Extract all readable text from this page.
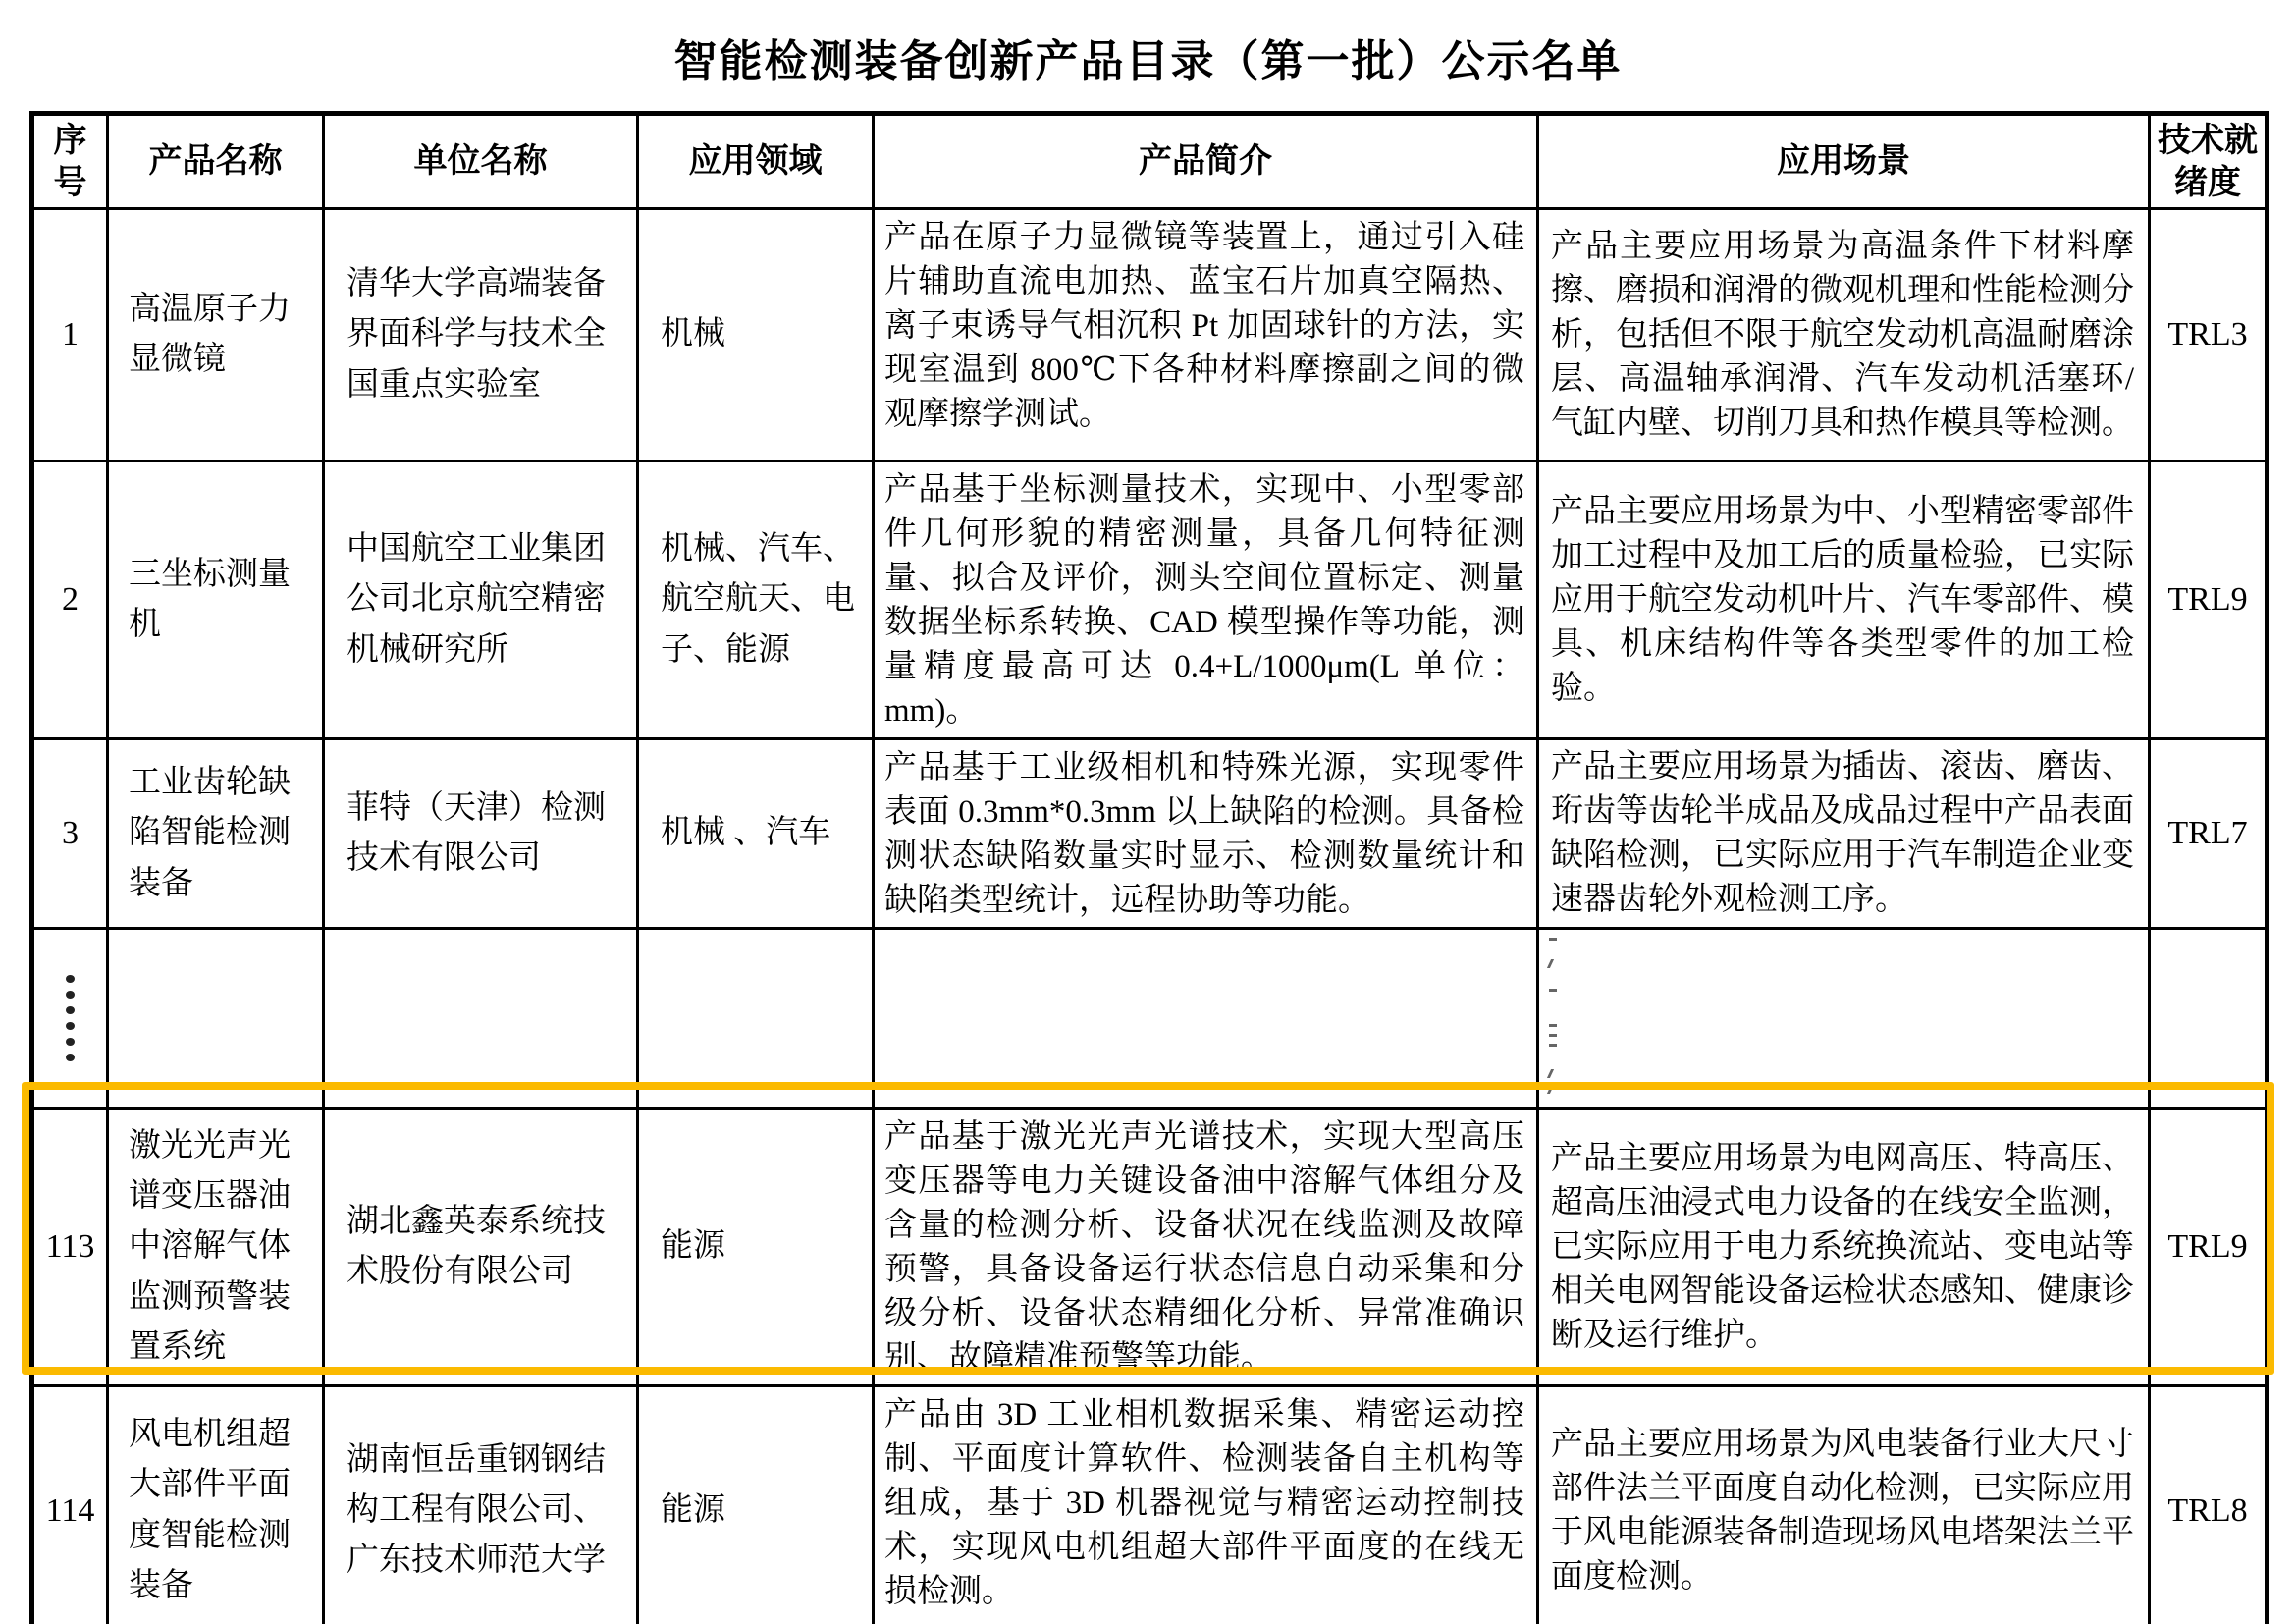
智能检测装备创新产品目录（第一批）公示名单
序号	产品名称	单位名称	应用领域	产品简介	应用场景	技术就绪度
1	高温原子力显微镜	清华大学高端装备界面科学与技术全国重点实验室	机械	产品在原子力显微镜等装置上，通过引入硅片辅助直流电加热、蓝宝石片加真空隔热、离子束诱导气相沉积 Pt 加固球针的方法，实现室温到 800℃下各种材料摩擦副之间的微观摩擦学测试。	产品主要应用场景为高温条件下材料摩擦、磨损和润滑的微观机理和性能检测分析，包括但不限于航空发动机高温耐磨涂层、高温轴承润滑、汽车发动机活塞环/气缸内壁、切削刀具和热作模具等检测。	TRL3
2	三坐标测量机	中国航空工业集团公司北京航空精密机械研究所	机械、汽车、航空航天、电子、能源	产品基于坐标测量技术，实现中、小型零部件几何形貌的精密测量，具备几何特征测量、拟合及评价，测头空间位置标定、测量数据坐标系转换、CAD 模型操作等功能，测量精度最高可达 0.4+L/1000μm(L 单位：mm)。	产品主要应用场景为中、小型精密零部件加工过程中及加工后的质量检验，已实际应用于航空发动机叶片、汽车零部件、模具、机床结构件等各类型零件的加工检验。	TRL9
3	工业齿轮缺陷智能检测装备	菲特（天津）检测技术有限公司	机械 、汽车	产品基于工业级相机和特殊光源，实现零件表面 0.3mm*0.3mm 以上缺陷的检测。具备检测状态缺陷数量实时显示、检测数量统计和缺陷类型统计，远程协助等功能。	产品主要应用场景为插齿、滚齿、磨齿、珩齿等齿轮半成品及成品过程中产品表面缺陷检测，已实际应用于汽车制造企业变速器齿轮外观检测工序。	TRL7

113	激光光声光谱变压器油中溶解气体监测预警装置系统	湖北鑫英泰系统技术股份有限公司	能源	产品基于激光光声光谱技术，实现大型高压变压器等电力关键设备油中溶解气体组分及含量的检测分析、设备状况在线监测及故障预警，具备设备运行状态信息自动采集和分级分析、设备状态精细化分析、异常准确识别、故障精准预警等功能。	产品主要应用场景为电网高压、特高压、超高压油浸式电力设备的在线安全监测，已实际应用于电力系统换流站、变电站等相关电网智能设备运检状态感知、健康诊断及运行维护。	TRL9
114	风电机组超大部件平面度智能检测装备	湖南恒岳重钢钢结构工程有限公司、广东技术师范大学	能源	产品由 3D 工业相机数据采集、精密运动控制、平面度计算软件、检测装备自主机构等组成，基于 3D 机器视觉与精密运动控制技术，实现风电机组超大部件平面度的在线无损检测。	产品主要应用场景为风电装备行业大尺寸部件法兰平面度自动化检测，已实际应用于风电能源装备制造现场风电塔架法兰平面度检测。	TRL8
